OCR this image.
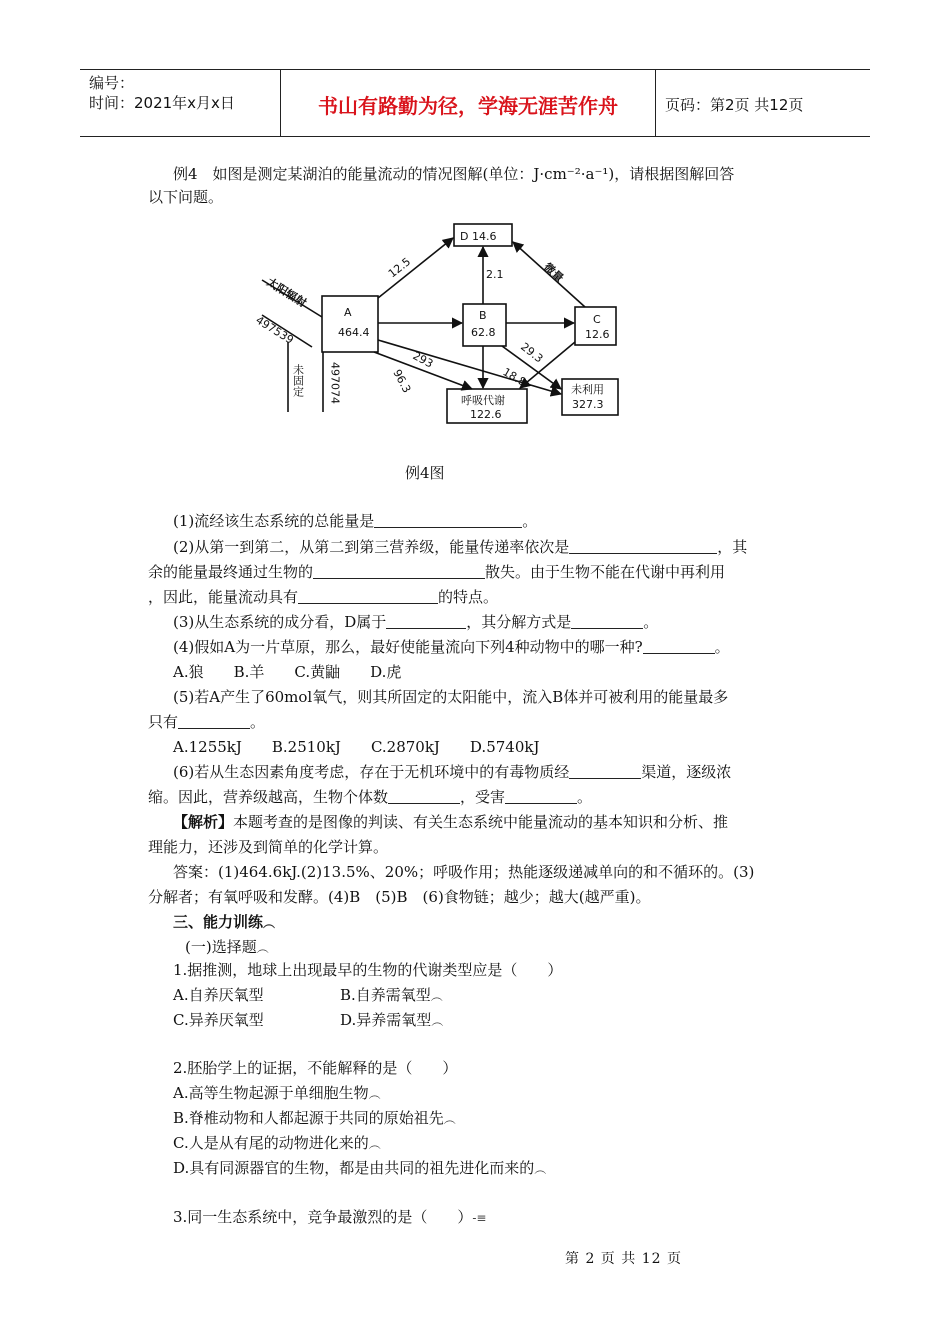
编号：
时间：2021年x月x日	书山有路勤为径，学海无涯苦作舟	页码：第2页 共12页
例4　如图是测定某湖泊的能量流动的情况图解(单位：J·cm⁻²·a⁻¹)，请根据图解回答
以下问题。
太阳辐射
497539
未固定 497074
A
464.4
D 14.6
B
62.8
C
12.6
呼吸代谢
122.6
未利用
327.3
12.5	2.1	微量
293
96.3	18.8
29.3
例4图
(1)流经该生态系统的总能量是	。
(2)从第一到第二，从第二到第三营养级，能量传递率依次是	，其
余的能量最终通过生物的	散失。由于生物不能在代谢中再利用
，因此，能量流动具有	的特点。
(3)从生态系统的成分看，D属于	，其分解方式是	。
(4)假如A为一片草原，那么，最好使能量流向下列4种动物中的哪一种?	。
A.狼　　B.羊　　C.黄鼬　　D.虎
(5)若A产生了60mol氧气，则其所固定的太阳能中，流入B体并可被利用的能量最多
只有	。
A.1255kJ　　B.2510kJ　　C.2870kJ　　D.5740kJ
(6)若从生态因素角度考虑，存在于无机环境中的有毒物质经	渠道，逐级浓
缩。因此，营养级越高，生物个体数	，受害	。
【解析】本题考查的是图像的判读、有关生态系统中能量流动的基本知识和分析、推
理能力，还涉及到简单的化学计算。
答案：(1)464.6kJ.(2)13.5%、20%；呼吸作用；热能逐级递减单向的和不循环的。(3)
分解者；有氧呼吸和发酵。(4)B　(5)B　(6)食物链；越少；越大(越严重)。
三、能力训练︵
(一)选择题︵
1.据推测，地球上出现最早的生物的代谢类型应是（　　）
A.自养厌氧型	B.自养需氧型︵
C.异养厌氧型	D.异养需氧型︵
2.胚胎学上的证据，不能解释的是（　　）
A.高等生物起源于单细胞生物︵
B.脊椎动物和人都起源于共同的原始祖先︵
C.人是从有尾的动物进化来的︵
D.具有同源器官的生物，都是由共同的祖先进化而来的︵
3.同一生态系统中，竞争最激烈的是（　　）-≡
第 2 页 共 12 页
